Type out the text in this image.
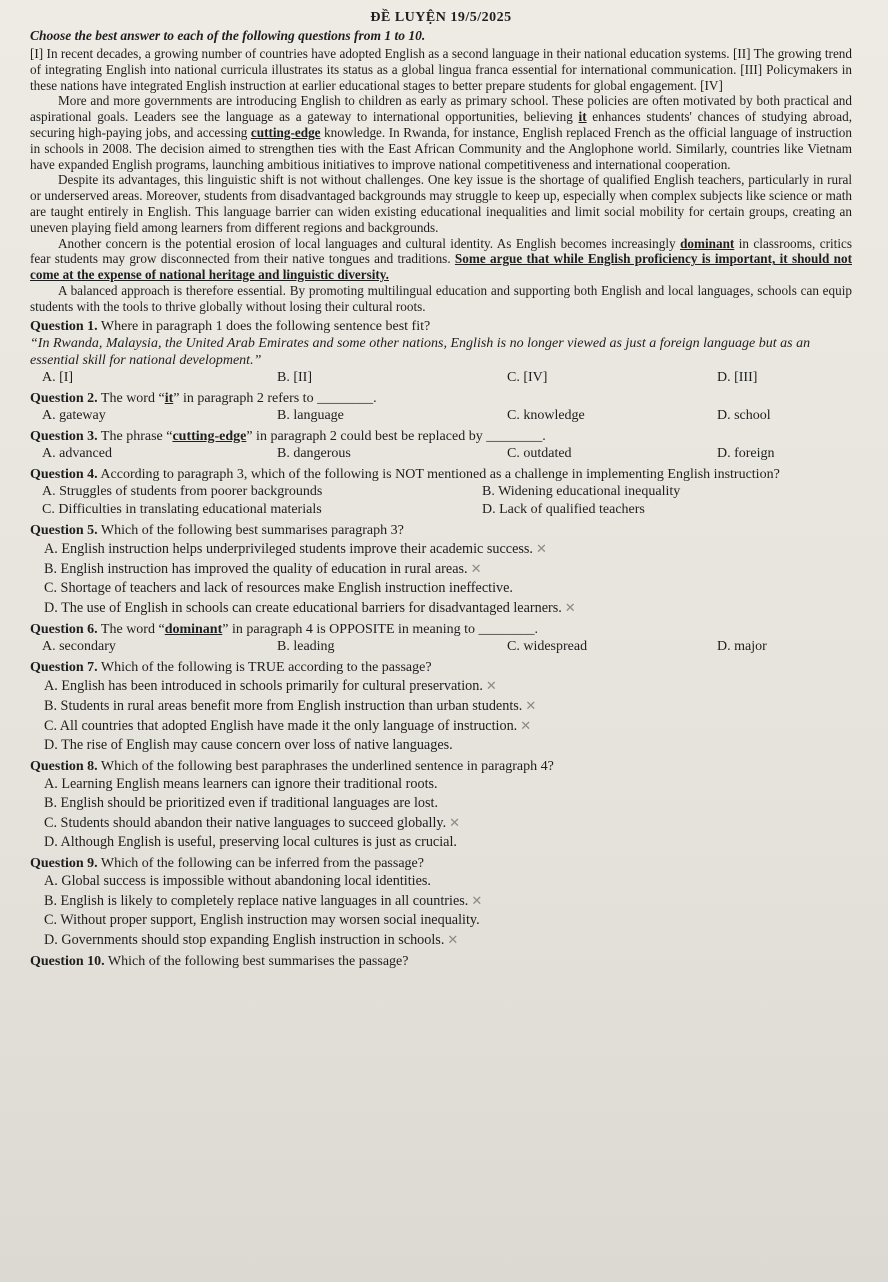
ĐỀ LUYỆN 19/5/2025
Choose the best answer to each of the following questions from 1 to 10.

[I] In recent decades, a growing number of countries have adopted English as a second language in their national education systems. [II] The growing trend of integrating English into national curricula illustrates its status as a global lingua franca essential for international communication. [III] Policymakers in these nations have integrated English instruction at earlier educational stages to better prepare students for global engagement. [IV]

More and more governments are introducing English to children as early as primary school. These policies are often motivated by both practical and aspirational goals. Leaders see the language as a gateway to international opportunities, believing it enhances students' chances of studying abroad, securing high-paying jobs, and accessing cutting-edge knowledge. In Rwanda, for instance, English replaced French as the official language of instruction in schools in 2008. The decision aimed to strengthen ties with the East African Community and the Anglophone world. Similarly, countries like Vietnam have expanded English programs, launching ambitious initiatives to improve national competitiveness and international cooperation.

Despite its advantages, this linguistic shift is not without challenges. One key issue is the shortage of qualified English teachers, particularly in rural or underserved areas. Moreover, students from disadvantaged backgrounds may struggle to keep up, especially when complex subjects like science or math are taught entirely in English. This language barrier can widen existing educational inequalities and limit social mobility for certain groups, creating an uneven playing field among learners from different regions and backgrounds.

Another concern is the potential erosion of local languages and cultural identity. As English becomes increasingly dominant in classrooms, critics fear students may grow disconnected from their native tongues and traditions. Some argue that while English proficiency is important, it should not come at the expense of national heritage and linguistic diversity.

A balanced approach is therefore essential. By promoting multilingual education and supporting both English and local languages, schools can equip students with the tools to thrive globally without losing their cultural roots.

Question 1. Where in paragraph 1 does the following sentence best fit?
“In Rwanda, Malaysia, the United Arab Emirates and some other nations, English is no longer viewed as just a foreign language but as an essential skill for national development.”
A. [I]	B. [II]	C. [IV]	D. [III]
Question 2. The word “it” in paragraph 2 refers to ________.
A. gateway	B. language	C. knowledge	D. school
Question 3. The phrase “cutting-edge” in paragraph 2 could best be replaced by ________.
A. advanced	B. dangerous	C. outdated	D. foreign
Question 4. According to paragraph 3, which of the following is NOT mentioned as a challenge in implementing English instruction?
A. Struggles of students from poorer backgrounds	B. Widening educational inequality
C. Difficulties in translating educational materials	D. Lack of qualified teachers
Question 5. Which of the following best summarises paragraph 3?
A. English instruction helps underprivileged students improve their academic success. ✕
B. English instruction has improved the quality of education in rural areas. ✕
C. Shortage of teachers and lack of resources make English instruction ineffective.
D. The use of English in schools can create educational barriers for disadvantaged learners. ✕
Question 6. The word “dominant” in paragraph 4 is OPPOSITE in meaning to ________.
A. secondary	B. leading	C. widespread	D. major
Question 7. Which of the following is TRUE according to the passage?
A. English has been introduced in schools primarily for cultural preservation. ✕
B. Students in rural areas benefit more from English instruction than urban students. ✕
C. All countries that adopted English have made it the only language of instruction. ✕
D. The rise of English may cause concern over loss of native languages.
Question 8. Which of the following best paraphrases the underlined sentence in paragraph 4?
A. Learning English means learners can ignore their traditional roots.
B. English should be prioritized even if traditional languages are lost.
C. Students should abandon their native languages to succeed globally. ✕
D. Although English is useful, preserving local cultures is just as crucial.
Question 9. Which of the following can be inferred from the passage?
A. Global success is impossible without abandoning local identities.
B. English is likely to completely replace native languages in all countries. ✕
C. Without proper support, English instruction may worsen social inequality.
D. Governments should stop expanding English instruction in schools. ✕
Question 10. Which of the following best summarises the passage?
